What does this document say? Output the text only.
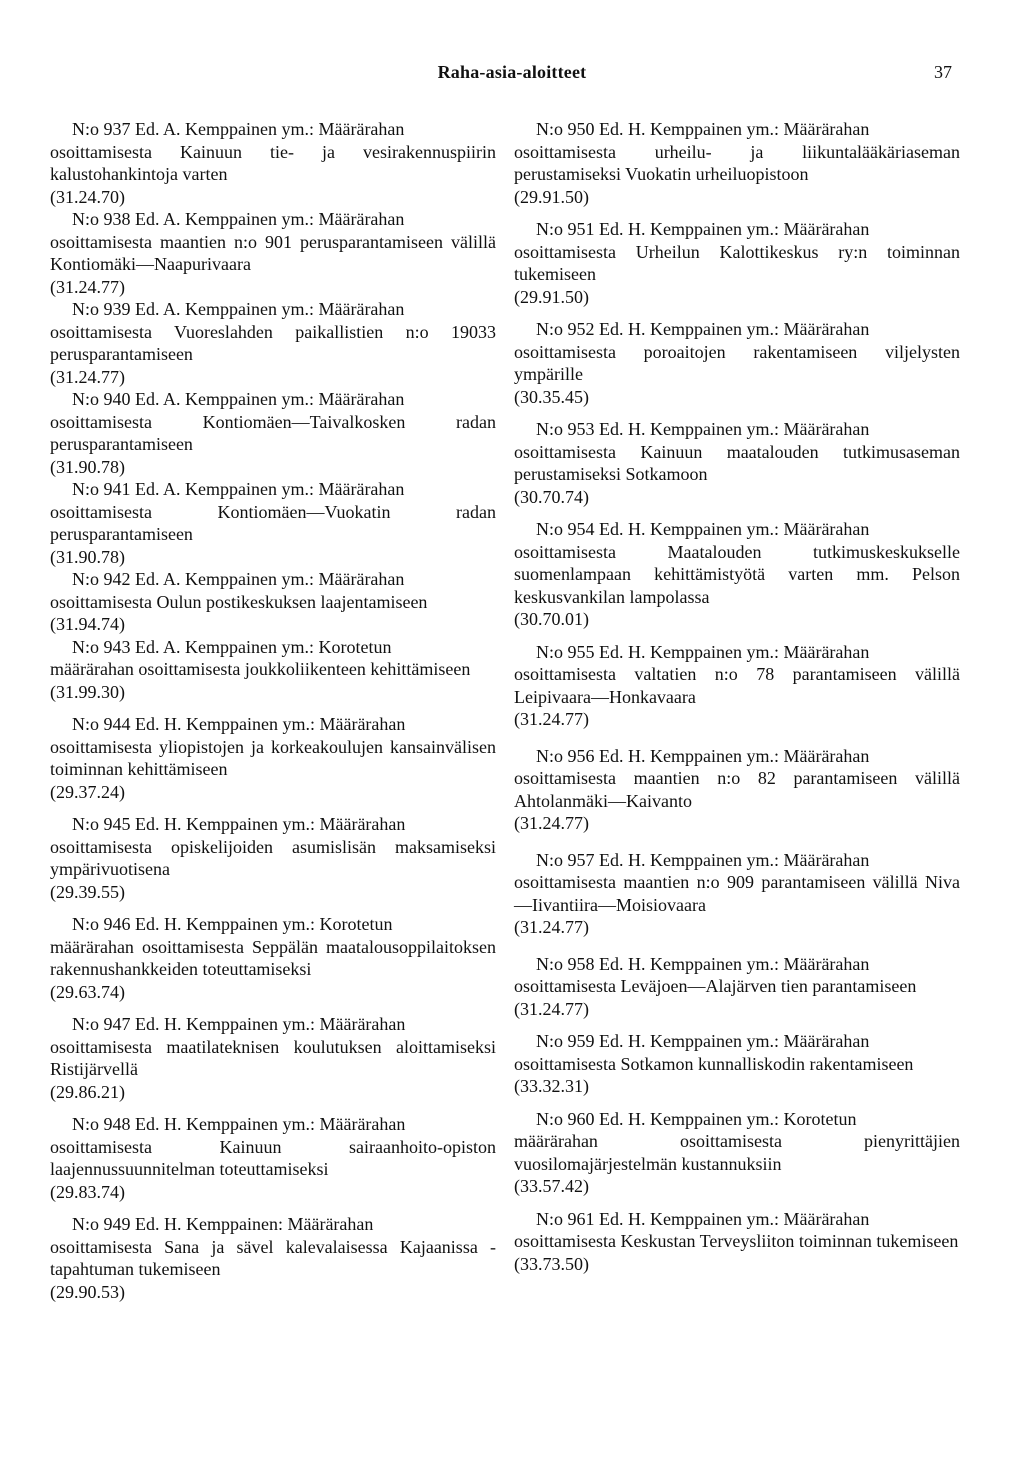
Raha-asia-aloitteet	37
N:o 937 Ed. A. Kemppainen ym.: Määrärahan
osoittamisesta Kainuun tie- ja vesirakennuspiirin kalustohankintoja varten
(31.24.70)
N:o 938 Ed. A. Kemppainen ym.: Määrärahan
osoittamisesta maantien n:o 901 perusparantamiseen välillä Kontiomäki—Naapurivaara
(31.24.77)
N:o 939 Ed. A. Kemppainen ym.: Määrärahan
osoittamisesta Vuoreslahden paikallistien n:o 19033 perusparantamiseen
(31.24.77)
N:o 940 Ed. A. Kemppainen ym.: Määrärahan
osoittamisesta Kontiomäen—Taivalkosken radan perusparantamiseen
(31.90.78)
N:o 941 Ed. A. Kemppainen ym.: Määrärahan
osoittamisesta Kontiomäen—Vuokatin radan perusparantamiseen
(31.90.78)
N:o 942 Ed. A. Kemppainen ym.: Määrärahan
osoittamisesta Oulun postikeskuksen laajentamiseen
(31.94.74)
N:o 943 Ed. A. Kemppainen ym.: Korotetun
määrärahan osoittamisesta joukkoliikenteen kehittämiseen
(31.99.30)
N:o 944 Ed. H. Kemppainen ym.: Määrärahan
osoittamisesta yliopistojen ja korkeakoulujen kansainvälisen toiminnan kehittämiseen
(29.37.24)
N:o 945 Ed. H. Kemppainen ym.: Määrärahan
osoittamisesta opiskelijoiden asumislisän maksamiseksi ympärivuotisena
(29.39.55)
N:o 946 Ed. H. Kemppainen ym.: Korotetun
määrärahan osoittamisesta Seppälän maatalousoppilaitoksen rakennushankkeiden toteuttamiseksi
(29.63.74)
N:o 947 Ed. H. Kemppainen ym.: Määrärahan
osoittamisesta maatilateknisen koulutuksen aloittamiseksi Ristijärvellä
(29.86.21)
N:o 948 Ed. H. Kemppainen ym.: Määrärahan
osoittamisesta Kainuun sairaanhoito-opiston laajennussuunnitelman toteuttamiseksi
(29.83.74)
N:o 949 Ed. H. Kemppainen: Määrärahan
osoittamisesta Sana ja sävel kalevalaisessa Kajaanissa -tapahtuman tukemiseen
(29.90.53)
N:o 950 Ed. H. Kemppainen ym.: Määrärahan
osoittamisesta urheilu- ja liikuntalääkäriaseman perustamiseksi Vuokatin urheiluopistoon
(29.91.50)
N:o 951 Ed. H. Kemppainen ym.: Määrärahan
osoittamisesta Urheilun Kalottikeskus ry:n toiminnan tukemiseen
(29.91.50)
N:o 952 Ed. H. Kemppainen ym.: Määrärahan
osoittamisesta poroaitojen rakentamiseen viljelysten ympärille
(30.35.45)
N:o 953 Ed. H. Kemppainen ym.: Määrärahan
osoittamisesta Kainuun maatalouden tutkimusaseman perustamiseksi Sotkamoon
(30.70.74)
N:o 954 Ed. H. Kemppainen ym.: Määrärahan
osoittamisesta Maatalouden tutkimuskeskukselle suomenlampaan kehittämistyötä varten mm. Pelson keskusvankilan lampolassa
(30.70.01)
N:o 955 Ed. H. Kemppainen ym.: Määrärahan
osoittamisesta valtatien n:o 78 parantamiseen välillä Leipivaara—Honkavaara
(31.24.77)
N:o 956 Ed. H. Kemppainen ym.: Määrärahan
osoittamisesta maantien n:o 82 parantamiseen välillä Ahtolanmäki—Kaivanto
(31.24.77)
N:o 957 Ed. H. Kemppainen ym.: Määrärahan
osoittamisesta maantien n:o 909 parantamiseen välillä Niva—Iivantiira—Moisiovaara
(31.24.77)
N:o 958 Ed. H. Kemppainen ym.: Määrärahan
osoittamisesta Leväjoen—Alajärven tien parantamiseen
(31.24.77)
N:o 959 Ed. H. Kemppainen ym.: Määrärahan
osoittamisesta Sotkamon kunnalliskodin rakentamiseen
(33.32.31)
N:o 960 Ed. H. Kemppainen ym.: Korotetun
määrärahan osoittamisesta pienyrittäjien vuosilomajärjestelmän kustannuksiin
(33.57.42)
N:o 961 Ed. H. Kemppainen ym.: Määrärahan
osoittamisesta Keskustan Terveysliiton toiminnan tukemiseen
(33.73.50)
